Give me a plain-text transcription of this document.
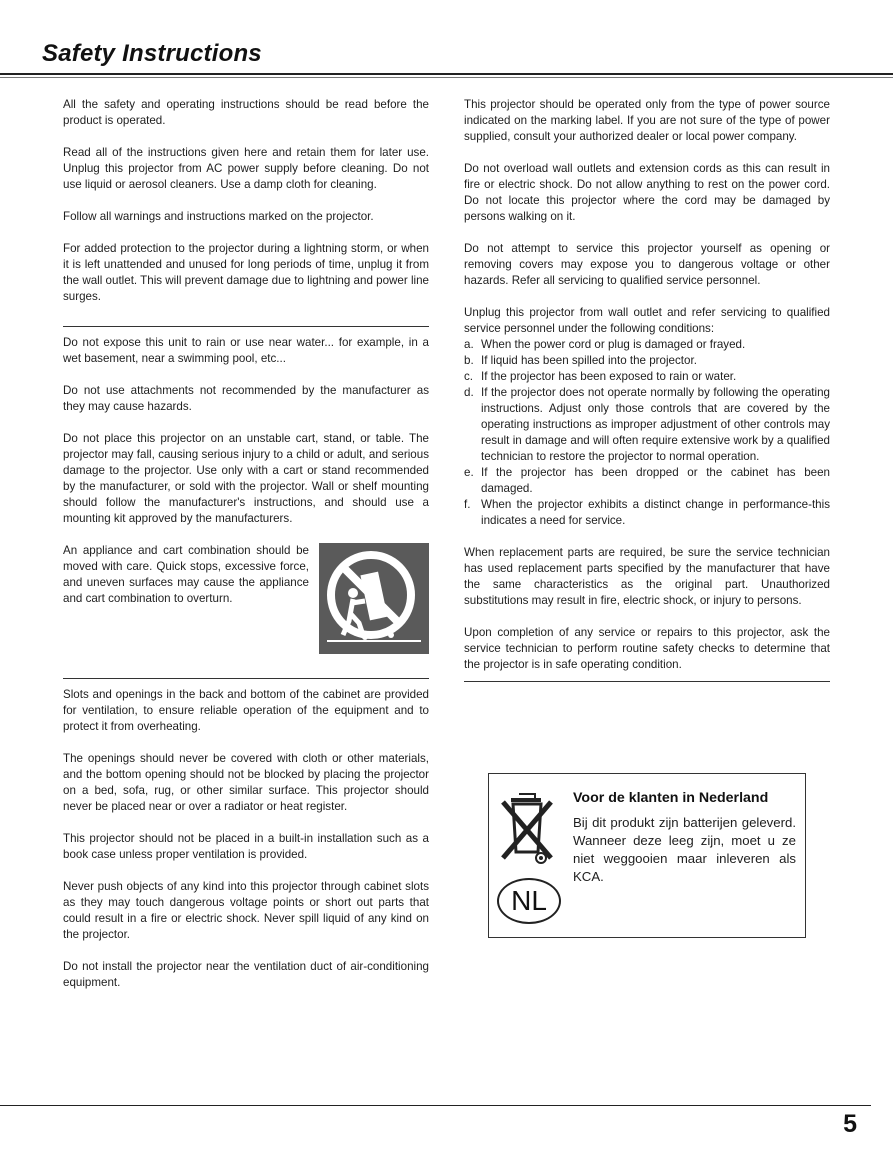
Safety Instructions

All the safety and operating instructions should be read before the product is operated.

Read all of the instructions given here and retain them for later use. Unplug this projector from AC power supply before cleaning. Do not use liquid or aerosol cleaners. Use a damp cloth for cleaning.

Follow all warnings and instructions marked on the projector.

For added protection to the projector during a lightning storm, or when it is left unattended and unused for long periods of time, unplug it from the wall outlet. This will prevent damage due to lightning and power line surges.

Do not expose this unit to rain or use near water... for example, in a wet basement, near a swimming pool, etc...

Do not use attachments not recommended by the manufacturer as they may cause hazards.

Do not place this projector on an unstable cart, stand, or table. The projector may fall, causing serious injury to a child or adult, and serious damage to the projector. Use only with a cart or stand recommended by the manufacturer, or sold with the projector. Wall or shelf mounting should follow the manufacturer's instructions, and should use a mounting kit approved by the manufacturers.

An appliance and cart combination should be moved with care. Quick stops, excessive force, and uneven surfaces may cause the appliance and cart combination to overturn.

Slots and openings in the back and bottom of the cabinet are provided for ventilation, to ensure reliable operation of the equipment and to protect it from overheating.

The openings should never be covered with cloth or other materials, and the bottom opening should not be blocked by placing the projector on a bed, sofa, rug, or other similar surface. This projector should never be placed near or over a radiator or heat register.

This projector should not be placed in a built-in installation such as a book case unless proper ventilation is provided.

Never push objects of any kind into this projector through cabinet slots as they may touch dangerous voltage points or short out parts that could result in a fire or electric shock. Never spill liquid of any kind on the projector.

Do not install the projector near the ventilation duct of air-conditioning equipment.

This projector should be operated only from the type of power source indicated on the marking label. If you are not sure of the type of power supplied, consult your authorized dealer or local power company.

Do not overload wall outlets and extension cords as this can result in fire or electric shock. Do not allow anything to rest on the power cord. Do not locate this projector where the cord may be damaged by persons walking on it.

Do not attempt to service this projector yourself as opening or removing covers may expose you to dangerous voltage or other hazards. Refer all servicing to qualified service personnel.

Unplug this projector from wall outlet and refer servicing to qualified service personnel under the following conditions:

a. When the power cord or plug is damaged or frayed.
b. If liquid has been spilled into the projector.
c. If the projector has been exposed to rain or water.
d. If the projector does not operate normally by following the operating instructions. Adjust only those controls that are covered by the operating instructions as improper adjustment of other controls may result in damage and will often require extensive work by a qualified technician to restore the projector to normal operation.
e. If the projector has been dropped or the cabinet has been damaged.
f. When the projector exhibits a distinct change in performance-this indicates a need for service.

When replacement parts are required, be sure the service technician has used replacement parts specified by the manufacturer that have the same characteristics as the original part. Unauthorized substitutions may result in fire, electric shock, or injury to persons.

Upon completion of any service or repairs to this projector, ask the service technician to perform routine safety checks to determine that the projector is in safe operating condition.

NL
Voor de klanten in Nederland
Bij dit produkt zijn batterijen geleverd. Wanneer deze leeg zijn, moet u ze niet weggooien maar inleveren als KCA.
5
